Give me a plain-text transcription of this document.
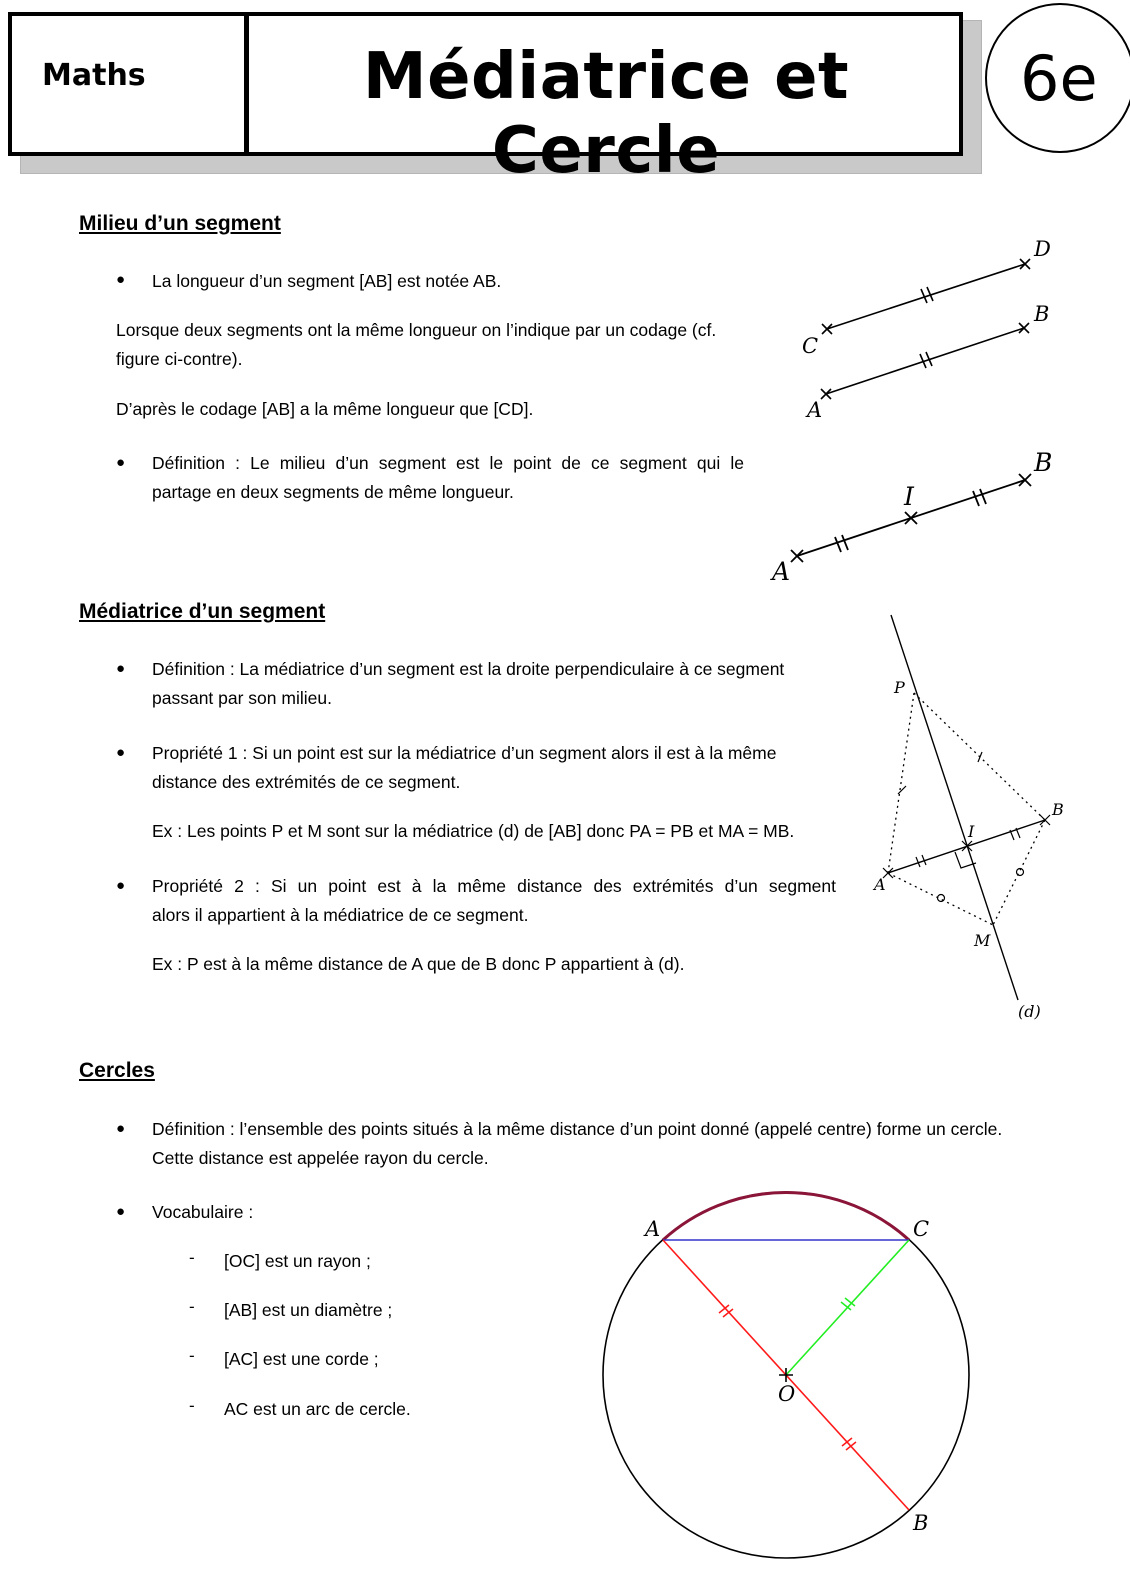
Maths	Médiatrice et Cercle
6e
Milieu d’un segment
● La longueur d’un segment [AB] est notée AB.
Lorsque deux segments ont la même longueur on l’indique par un codage (cf.
figure ci-contre).
D’après le codage [AB] a la même longueur que [CD].
● Définition : Le milieu d’un segment est le point de ce segment qui le
partage en deux segments de même longueur.
Médiatrice d’un segment
● Définition : La médiatrice d’un segment est la droite perpendiculaire à ce segment
passant par son milieu.
● Propriété 1 : Si un point est sur la médiatrice d’un segment alors il est à la même
distance des extrémités de ce segment.
Ex : Les points P et M sont sur la médiatrice (d) de [AB] donc PA = PB et MA = MB.
● Propriété 2 : Si un point est à la même distance des extrémités d’un segment
alors il appartient à la médiatrice de ce segment.
Ex : P est à la même distance de A que de B donc P appartient à (d).
Cercles
● Définition : l’ensemble des points situés à la même distance d’un point donné (appelé centre) forme un cercle.
Cette distance est appelée rayon du cercle.
● Vocabulaire :
- [OC] est un rayon ;
- [AB] est un diamètre ;
- [AC] est une corde ;
- AC est un arc de cercle.
D
C
B
A
B
I
A
P
B
I
A
M
(d)
A	C
O
B
